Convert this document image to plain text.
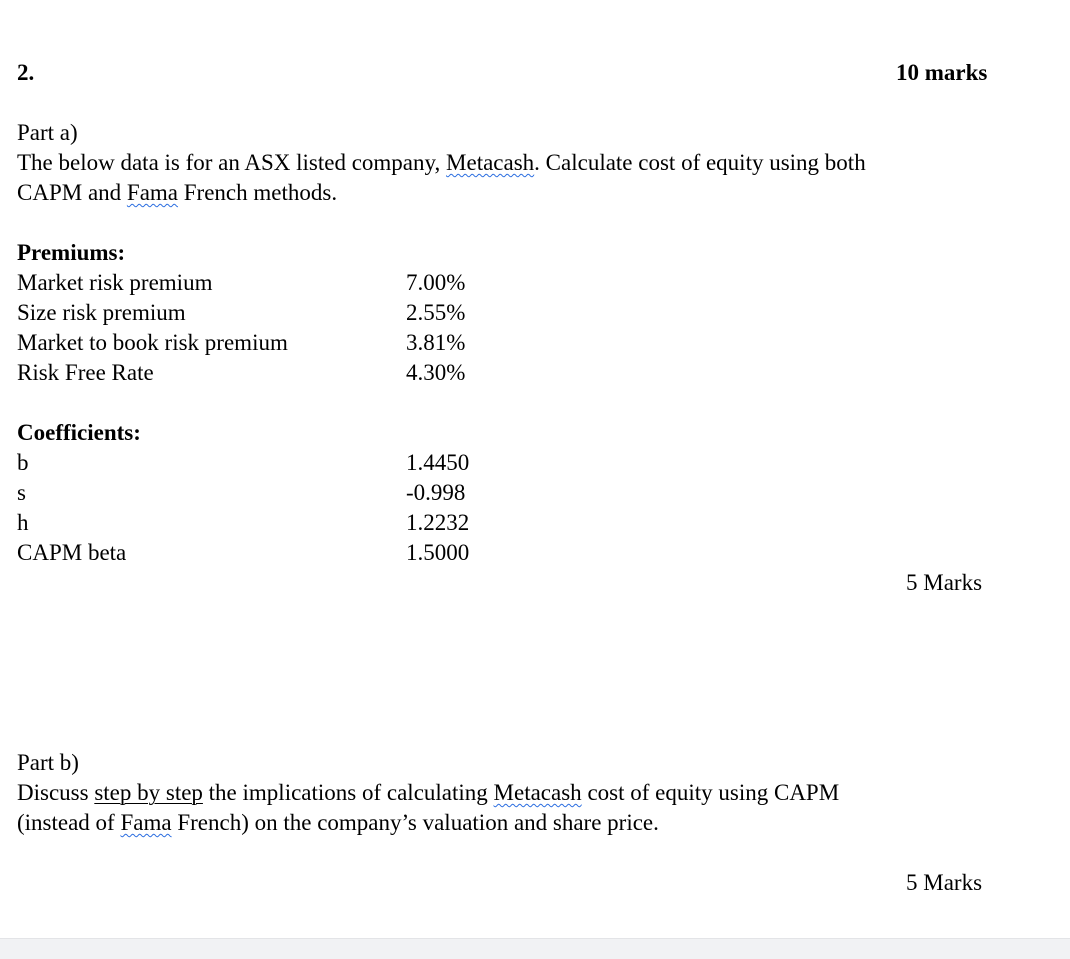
2.	10 marks
Part a)
The below data is for an ASX listed company, Metacash. Calculate cost of equity using both
CAPM and Fama French methods.
Premiums:
Market risk premium	7.00%
Size risk premium	2.55%
Market to book risk premium	3.81%
Risk Free Rate	4.30%
Coefficients:
b	1.4450
s	-0.998
h	1.2232
CAPM beta	1.5000
5 Marks
Part b)
Discuss step by step the implications of calculating Metacash cost of equity using CAPM
(instead of Fama French) on the company’s valuation and share price.
5 Marks
